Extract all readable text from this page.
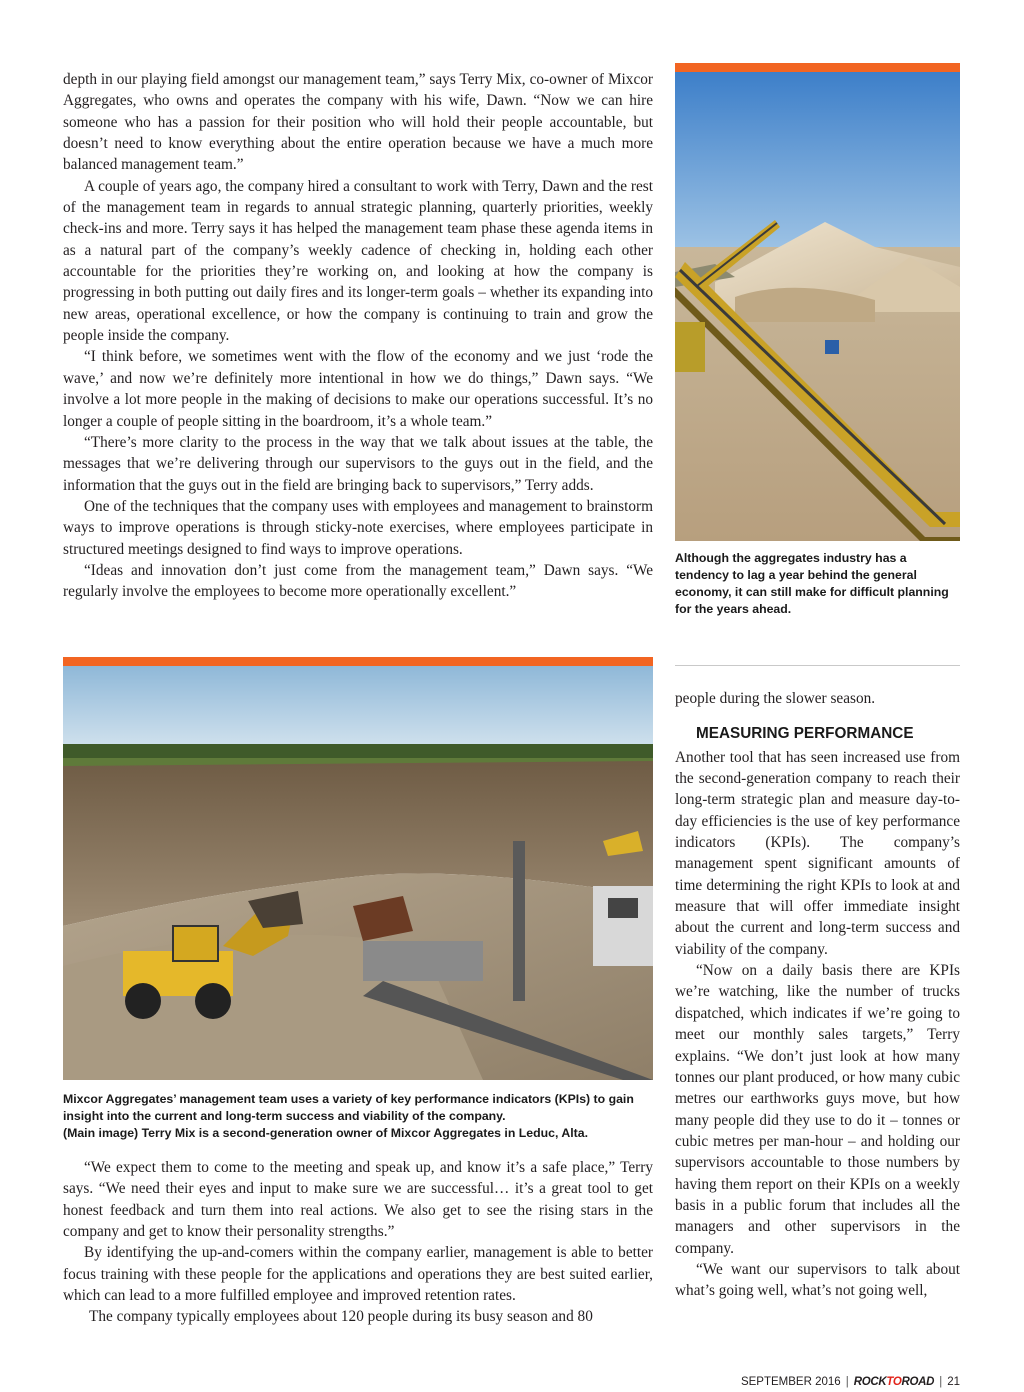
depth in our playing field amongst our management team,” says Terry Mix, co-owner of Mixcor Aggregates, who owns and operates the company with his wife, Dawn. “Now we can hire someone who has a passion for their position who will hold their people accountable, but doesn’t need to know everything about the entire operation because we have a much more balanced management team.”

A couple of years ago, the company hired a consultant to work with Terry, Dawn and the rest of the management team in regards to annual strategic planning, quarterly priorities, weekly check-ins and more. Terry says it has helped the management team phase these agenda items in as a natural part of the company’s weekly cadence of checking in, holding each other accountable for the priorities they’re working on, and looking at how the company is progressing in both putting out daily fires and its longer-term goals – whether its expanding into new areas, operational excellence, or how the company is continuing to train and grow the people inside the company.

“I think before, we sometimes went with the flow of the economy and we just ‘rode the wave,’ and now we’re definitely more intentional in how we do things,” Dawn says. “We involve a lot more people in the making of decisions to make our operations successful. It’s no longer a couple of people sitting in the boardroom, it’s a whole team.”

“There’s more clarity to the process in the way that we talk about issues at the table, the messages that we’re delivering through our supervisors to the guys out in the field, and the information that the guys out in the field are bringing back to supervisors,” Terry adds.

One of the techniques that the company uses with employees and management to brainstorm ways to improve operations is through sticky-note exercises, where employees participate in structured meetings designed to find ways to improve operations.

“Ideas and innovation don’t just come from the management team,” Dawn says. “We regularly involve the employees to become more operationally excellent.”

Although the aggregates industry has a tendency to lag a year behind the general economy, it can still make for difficult planning for the years ahead.
Mixcor Aggregates’ management team uses a variety of key performance indicators (KPIs) to gain insight into the current and long-term success and viability of the company.
(Main image) Terry Mix is a second-generation owner of Mixcor Aggregates in Leduc, Alta.

“We expect them to come to the meeting and speak up, and know it’s a safe place,” Terry says. “We need their eyes and input to make sure we are successful… it’s a great tool to get honest feedback and turn them into real actions. We also get to see the rising stars in the company and get to know their personality strengths.”

By identifying the up-and-comers within the company earlier, management is able to better focus training with these people for the applications and operations they are best suited earlier, which can lead to a more fulfilled employee and improved retention rates.

The company typically employees about 120 people during its busy season and 80

people during the slower season.

MEASURING PERFORMANCE

Another tool that has seen increased use from the second-generation company to reach their long-term strategic plan and measure day-to-day efficiencies is the use of key performance indicators (KPIs). The company’s management spent significant amounts of time determining the right KPIs to look at and measure that will offer immediate insight about the current and long-term success and viability of the company.

“Now on a daily basis there are KPIs we’re watching, like the number of trucks dispatched, which indicates if we’re going to meet our monthly sales targets,” Terry explains. “We don’t just look at how many tonnes our plant produced, or how many cubic metres our earthworks guys move, but how many people did they use to do it – tonnes or cubic metres per man-hour – and holding our supervisors accountable to those numbers by having them report on their KPIs on a weekly basis in a public forum that includes all the managers and other supervisors in the company.

“We want our supervisors to talk about what’s going well, what’s not going well,

SEPTEMBER 2016 | ROCKTOROAD | 21
